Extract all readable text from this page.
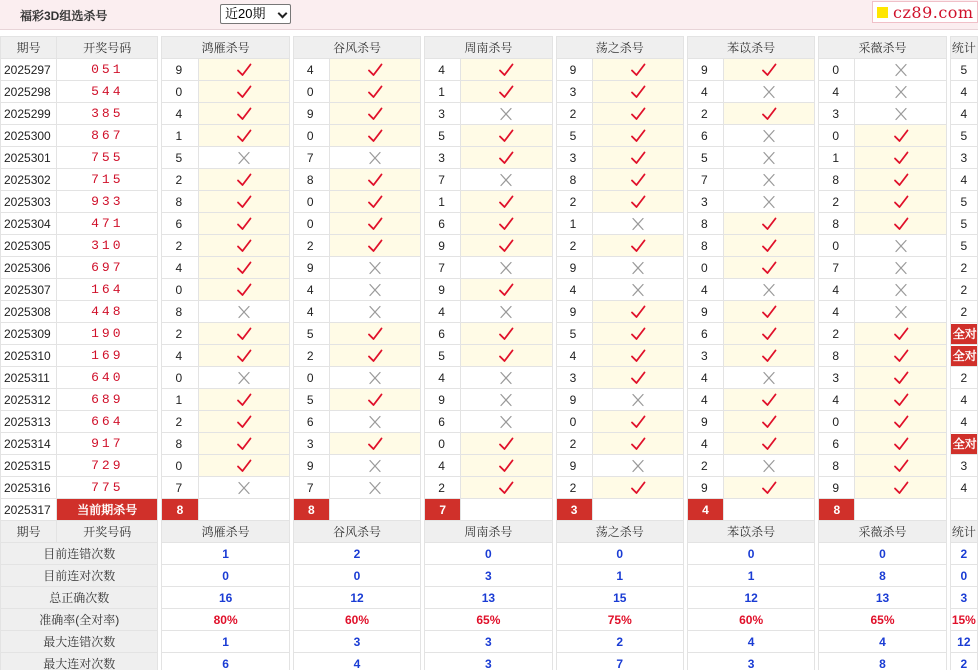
福彩3D组选杀号	近20期	cz89.com
期号	开奖号码		鸿雁杀号			谷风杀号			周南杀号			荡之杀号			苯苡杀号			采薇杀号			统计
2025297	051		9			4			4			9			9			0			5
2025298	544		0			0			1			3			4			4			4
2025299	385		4			9			3			2			2			3			4
2025300	867		1			0			5			5			6			0			5
2025301	755		5			7			3			3			5			1			3
2025302	715		2			8			7			8			7			8			4
2025303	933		8			0			1			2			3			2			5
2025304	471		6			0			6			1			8			8			5
2025305	310		2			2			9			2			8			0			5
2025306	697		4			9			7			9			0			7			2
2025307	164		0			4			9			4			4			4			2
2025308	448		8			4			4			9			9			4			2
2025309	190		2			5			6			5			6			2			全对
2025310	169		4			2			5			4			3			8			全对
2025311	640		0			0			4			3			4			3			2
2025312	689		1			5			9			9			4			4			4
2025313	664		2			6			6			0			9			0			4
2025314	917		8			3			0			2			4			6			全对
2025315	729		0			9			4			9			2			8			3
2025316	775		7			7			2			2			9			9			4
2025317	当前期杀号		8			8			7			3			4			8			
期号	开奖号码		鸿雁杀号			谷风杀号			周南杀号			荡之杀号			苯苡杀号			采薇杀号			统计
目前连错次数			1			2			0			0			0			0			2
目前连对次数			0			0			3			1			1			8			0
总正确次数			16			12			13			15			12			13			3
准确率(全对率)			80%			60%			65%			75%			60%			65%			15%
最大连错次数			1			3			3			2			4			4			12
最大连对次数			6			4			3			7			3			8			2
